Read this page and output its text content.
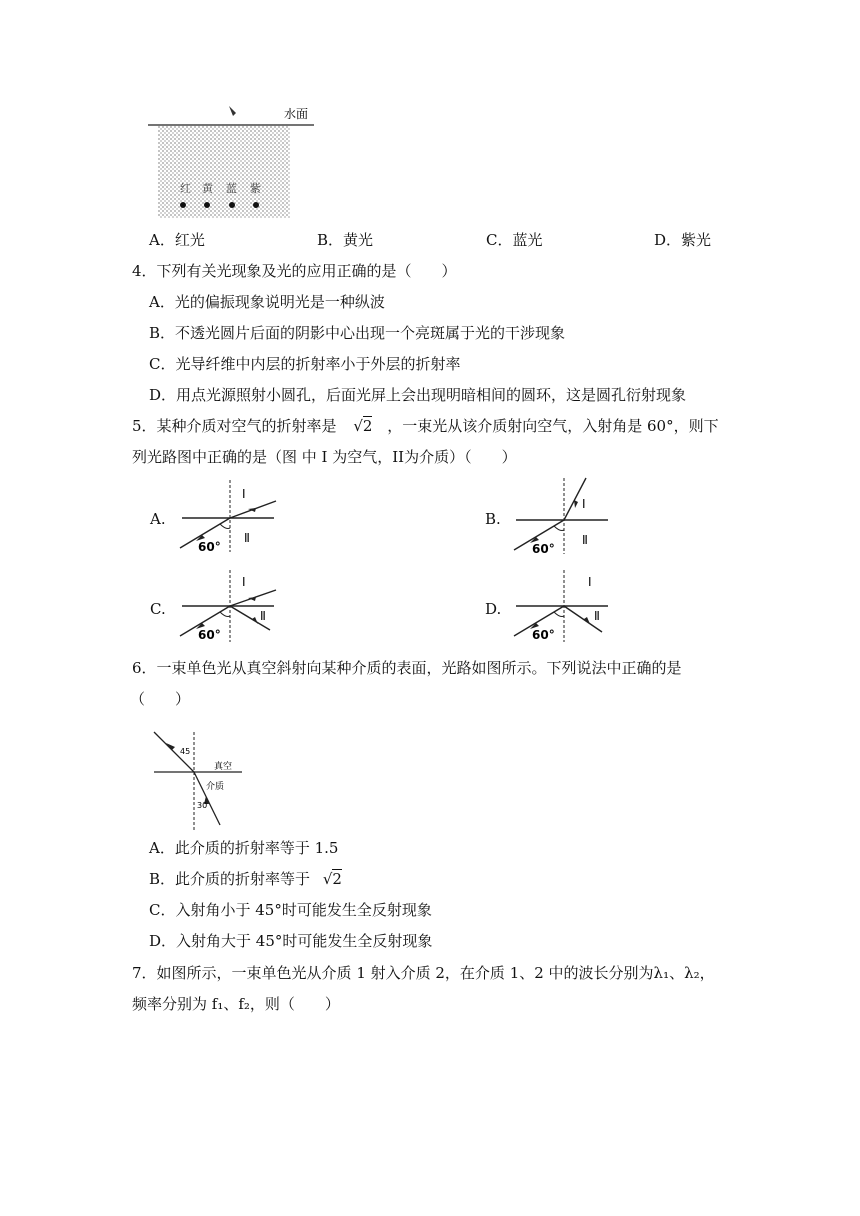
水面
红 黄 蓝 紫
A．红光	B．黄光	C．蓝光	D．紫光
4．下列有关光现象及光的应用正确的是（　　）
A．光的偏振现象说明光是一种纵波
B．不透光圆片后面的阴影中心出现一个亮斑属于光的干涉现象
C．光导纤维中内层的折射率小于外层的折射率
D．用点光源照射小圆孔，后面光屏上会出现明暗相间的圆环，这是圆孔衍射现象
5．某种介质对空气的折射率是 √2 ，一束光从该介质射向空气，入射角是 60°，则下
列光路图中正确的是（图 中 I 为空气，II为介质）（　　）
A.
I
Ⅱ
60°
B.
I
Ⅱ
60°
C.
I
Ⅱ
60°
D.
I
Ⅱ
60°
6．一束单色光从真空斜射向某种介质的表面，光路如图所示。下列说法中正确的是
（　　）
45
30
真空
介质
A．此介质的折射率等于 1.5
B．此介质的折射率等于 √2
C．入射角小于 45°时可能发生全反射现象
D．入射角大于 45°时可能发生全反射现象
7．如图所示，一束单色光从介质 1 射入介质 2，在介质 1、2 中的波长分别为λ₁、λ₂，
频率分别为 f₁、f₂，则（　　）
